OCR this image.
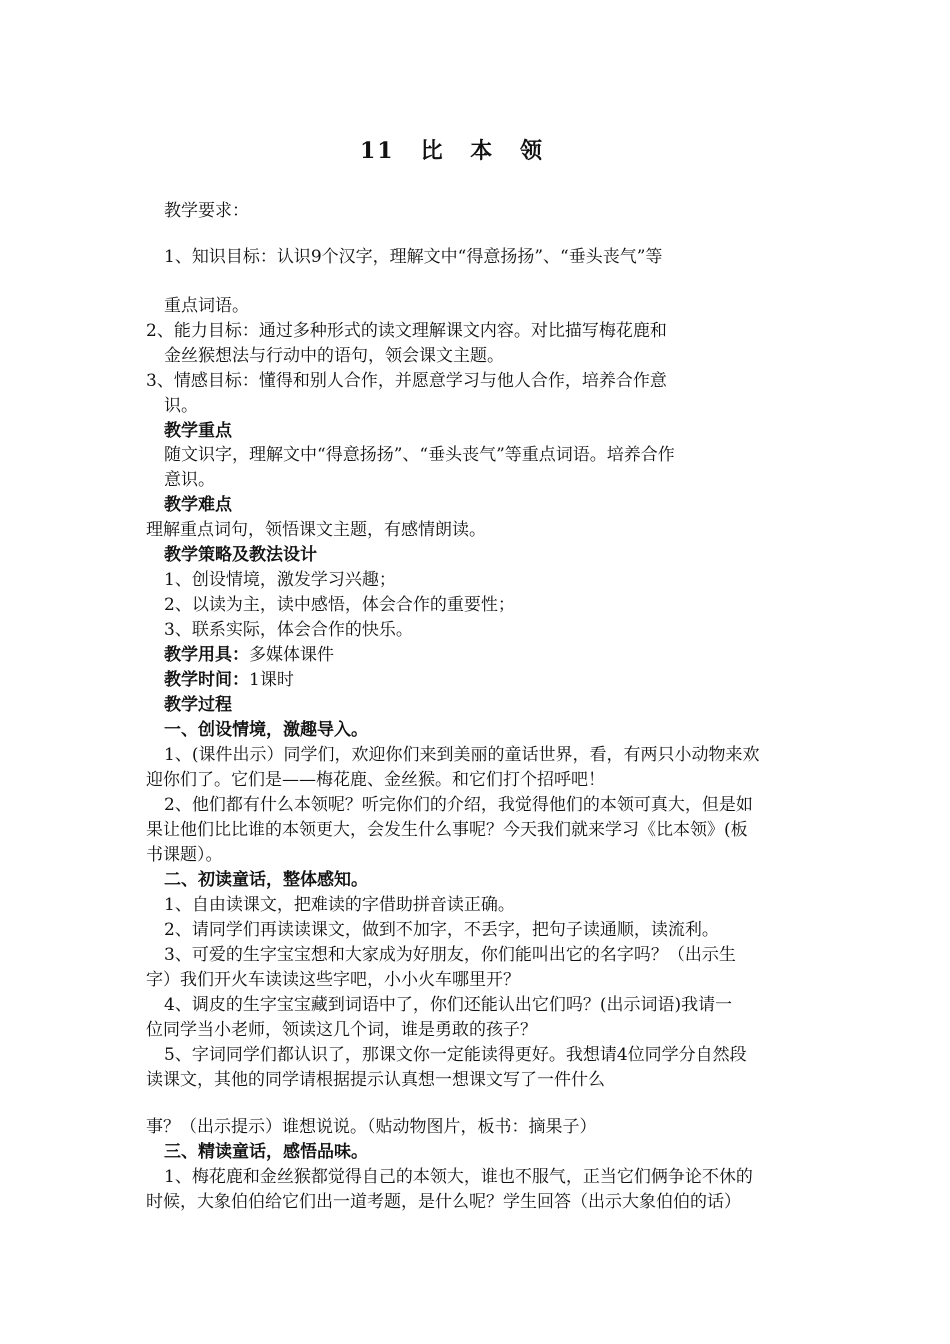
11 比 本 领
教学要求：
1、知识目标：认识9个汉字，理解文中“得意扬扬”、“垂头丧气”等
重点词语。
2、能力目标：通过多种形式的读文理解课文内容。对比描写梅花鹿和
金丝猴想法与行动中的语句，领会课文主题。
3、情感目标：懂得和别人合作，并愿意学习与他人合作，培养合作意
识。
教学重点
随文识字，理解文中“得意扬扬”、“垂头丧气”等重点词语。培养合作
意识。
教学难点
理解重点词句，领悟课文主题，有感情朗读。
教学策略及教法设计
1、创设情境，激发学习兴趣；
2、以读为主，读中感悟，体会合作的重要性；
3、联系实际，体会合作的快乐。
教学用具：多媒体课件
教学时间：1课时
教学过程
一、创设情境，激趣导入。
1、(课件出示）同学们，欢迎你们来到美丽的童话世界，看，有两只小动物来欢
迎你们了。它们是——梅花鹿、金丝猴。和它们打个招呼吧！
2、他们都有什么本领呢？听完你们的介绍，我觉得他们的本领可真大，但是如
果让他们比比谁的本领更大，会发生什么事呢？今天我们就来学习《比本领》(板
书课题）。
二、初读童话，整体感知。
1、自由读课文，把难读的字借助拼音读正确。
2、请同学们再读读课文，做到不加字，不丢字，把句子读通顺，读流利。
3、可爱的生字宝宝想和大家成为好朋友，你们能叫出它的名字吗？（出示生
字）我们开火车读读这些字吧，小小火车哪里开？
4、调皮的生字宝宝藏到词语中了，你们还能认出它们吗？(出示词语)我请一
位同学当小老师，领读这几个词，谁是勇敢的孩子？
5、字词同学们都认识了，那课文你一定能读得更好。我想请4位同学分自然段
读课文，其他的同学请根据提示认真想一想课文写了一件什么
事？（出示提示）谁想说说。（贴动物图片，板书：摘果子）
三、精读童话，感悟品味。
1、梅花鹿和金丝猴都觉得自己的本领大，谁也不服气，正当它们俩争论不休的
时候，大象伯伯给它们出一道考题，是什么呢？学生回答（出示大象伯伯的话）
